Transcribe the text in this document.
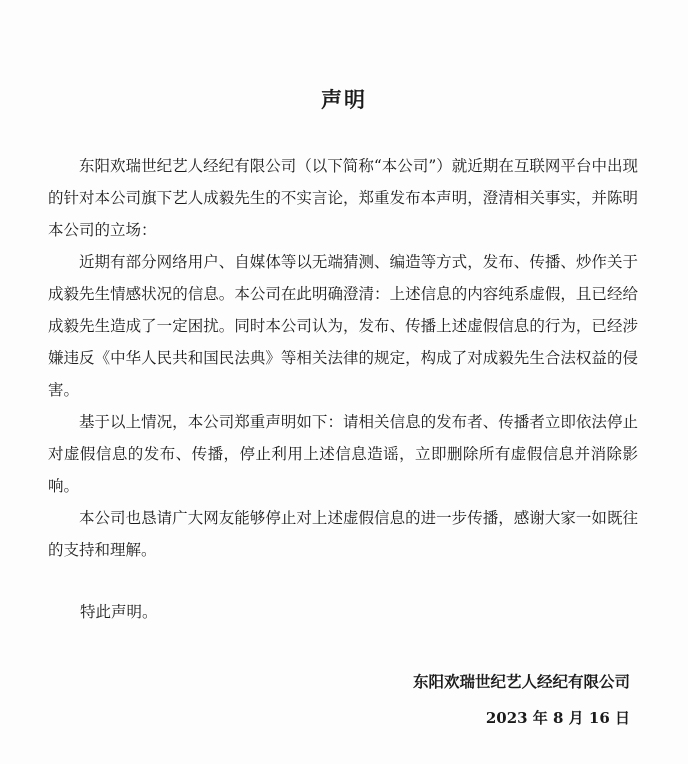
声明

东阳欢瑞世纪艺人经纪有限公司（以下简称“本公司”）就近期在互联网平台中出现的针对本公司旗下艺人成毅先生的不实言论，郑重发布本声明，澄清相关事实，并陈明本公司的立场：

近期有部分网络用户、自媒体等以无端猜测、编造等方式，发布、传播、炒作关于成毅先生情感状况的信息。本公司在此明确澄清：上述信息的内容纯系虚假，且已经给成毅先生造成了一定困扰。同时本公司认为，发布、传播上述虚假信息的行为，已经涉嫌违反《中华人民共和国民法典》等相关法律的规定，构成了对成毅先生合法权益的侵害。

基于以上情况，本公司郑重声明如下：请相关信息的发布者、传播者立即依法停止对虚假信息的发布、传播，停止利用上述信息造谣，立即删除所有虚假信息并消除影响。

本公司也恳请广大网友能够停止对上述虚假信息的进一步传播，感谢大家一如既往的支持和理解。

特此声明。
东阳欢瑞世纪艺人经纪有限公司
2023 年 8 月 16 日
